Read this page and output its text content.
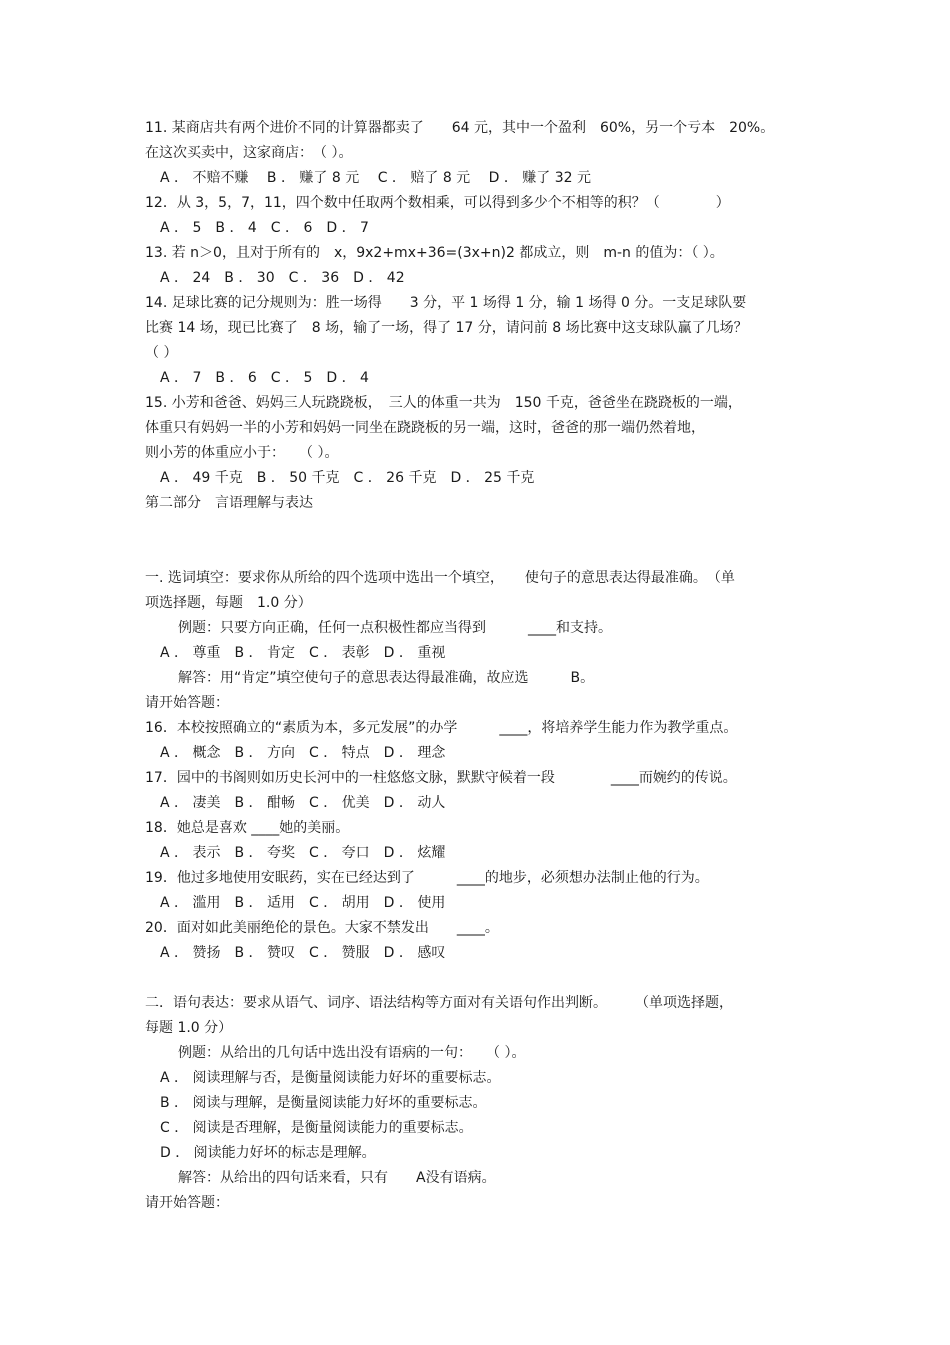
11. 某商店共有两个进价不同的计算器都卖了　　64 元，其中一个盈利　60%，另一个亏本　20%。
在这次买卖中，这家商店：　（ ）。
A ． 不赔不赚　 B ． 赚了 8 元　 C ． 赔了 8 元　 D ． 赚了 32 元
12．从 3，5，7，11，四个数中任取两个数相乘，可以得到多少个不相等的积？（　　　　）
A ． 5　B ． 4　C ． 6　D ． 7
13. 若 n＞0，且对于所有的　x，9x2+mx+36=(3x+n)2 都成立，则　m-n 的值为：（ ）。
A ． 24　B ． 30　C ． 36　D ． 42
14. 足球比赛的记分规则为：胜一场得　　3 分，平 1 场得 1 分，输 1 场得 0 分。一支足球队要
比赛 14 场，现已比赛了　8 场，输了一场，得了 17 分，请问前 8 场比赛中这支球队赢了几场？
（ ）
A ． 7　B ． 6　C ． 5　D ． 4
15. 小芳和爸爸、妈妈三人玩跷跷板，　三人的体重一共为　150 千克，爸爸坐在跷跷板的一端，
体重只有妈妈一半的小芳和妈妈一同坐在跷跷板的另一端，这时，爸爸的那一端仍然着地，
则小芳的体重应小于：　　（ ）。
A ． 49 千克　B ． 50 千克　C ． 26 千克　D ． 25 千克
第二部分　言语理解与表达
一. 选词填空：要求你从所给的四个选项中选出一个填空，　　使句子的意思表达得最准确。　（单
项选择题，每题　1.0 分）
例题：只要方向正确，任何一点积极性都应当得到　　　____和支持。
A ． 尊重　B ． 肯定　C ． 表彰　D ． 重视
解答：用“肯定”填空使句子的意思表达得最准确，故应选　　　B。
请开始答题：
16．本校按照确立的“素质为本，多元发展”的办学　　　____，将培养学生能力作为教学重点。
A ． 概念　B ． 方向　C ． 特点　D ． 理念
17．园中的书阁则如历史长河中的一柱悠悠文脉，默默守候着一段　　　　____而婉约的传说。
A ． 凄美　B ． 酣畅　C ． 优美　D ． 动人
18．她总是喜欢 ____她的美丽。
A ． 表示　B ． 夸奖　C ． 夸口　D ． 炫耀
19．他过多地使用安眠药，实在已经达到了　　　____的地步，必须想办法制止他的行为。
A ． 滥用　B ． 适用　C ． 胡用　D ． 使用
20．面对如此美丽绝伦的景色。大家不禁发出　　____。
A ． 赞扬　B ． 赞叹　C ． 赞服　D ． 感叹
二．语句表达：要求从语气、词序、语法结构等方面对有关语句作出判断。　　　（单项选择题，
每题 1.0 分）
例题：从给出的几句话中选出没有语病的一句：　　（ ）。
A ． 阅读理解与否，是衡量阅读能力好坏的重要标志。
B ． 阅读与理解，是衡量阅读能力好坏的重要标志。
C ． 阅读是否理解，是衡量阅读能力的重要标志。
D ． 阅读能力好坏的标志是理解。
解答：从给出的四句话来看，只有　　A没有语病。
请开始答题：
